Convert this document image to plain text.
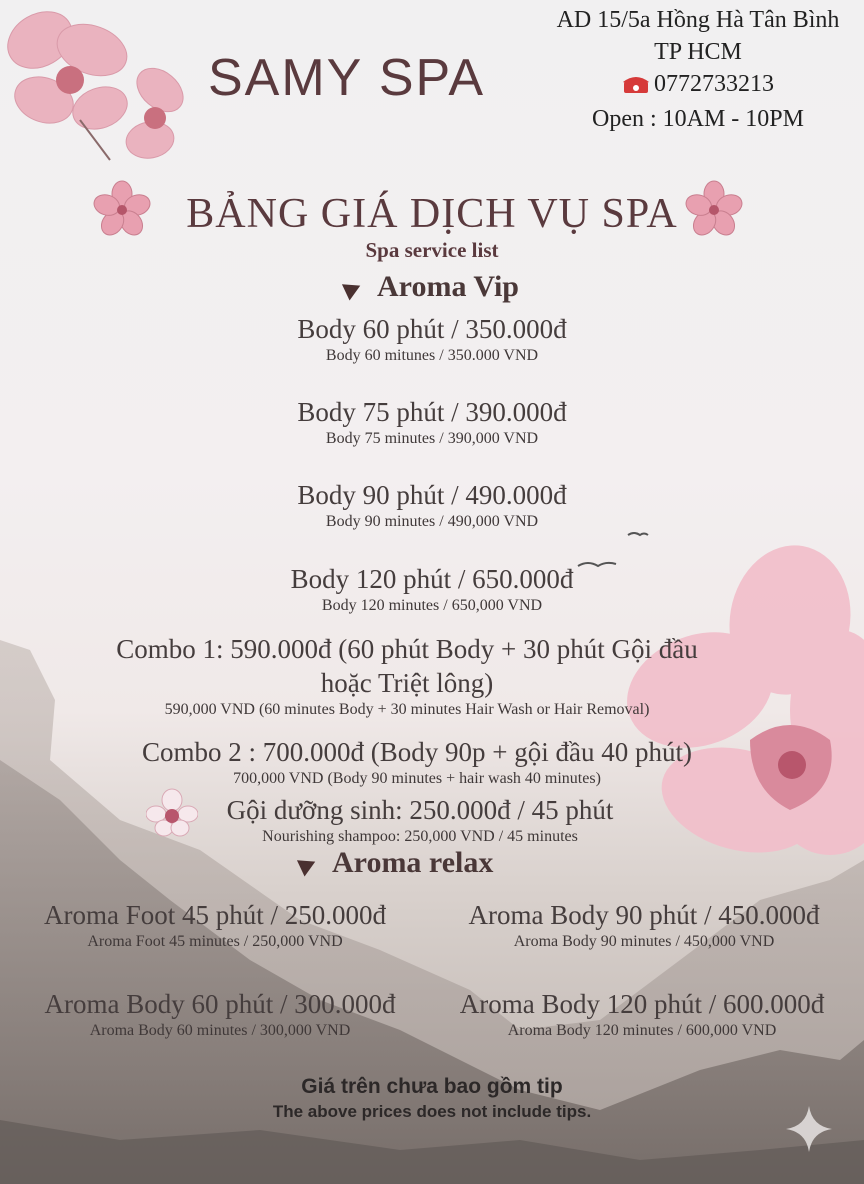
SAMY SPA
AD 15/5a Hồng Hà Tân Bình
TP HCM
0772733213
Open : 10AM - 10PM
BẢNG GIÁ DỊCH VỤ SPA
Spa service list
Aroma Vip
Body 60 phút / 350.000đ
Body 60 mitunes / 350.000 VND
Body 75 phút / 390.000đ
Body 75 minutes / 390,000 VND
Body 90 phút / 490.000đ
Body 90 minutes / 490,000 VND
Body 120 phút / 650.000đ
Body 120 minutes / 650,000 VND
Combo 1: 590.000đ (60 phút Body + 30 phút Gội đầu
hoặc Triệt lông)
590,000 VND (60 minutes Body + 30 minutes Hair Wash or Hair Removal)
Combo 2 : 700.000đ (Body 90p + gội đầu 40 phút)
700,000 VND (Body 90 minutes + hair wash 40 minutes)
Gội dưỡng sinh: 250.000đ / 45 phút
Nourishing shampoo: 250,000 VND / 45 minutes
Aroma relax
Aroma Foot 45 phút / 250.000đ
Aroma Foot 45 minutes / 250,000 VND
Aroma Body 90 phút / 450.000đ
Aroma Body 90 minutes / 450,000 VND
Aroma Body 60 phút / 300.000đ
Aroma Body 60 minutes / 300,000 VND
Aroma Body 120 phút / 600.000đ
Aroma Body 120 minutes / 600,000 VND
Giá trên chưa bao gồm tip
The above prices does not include tips.
